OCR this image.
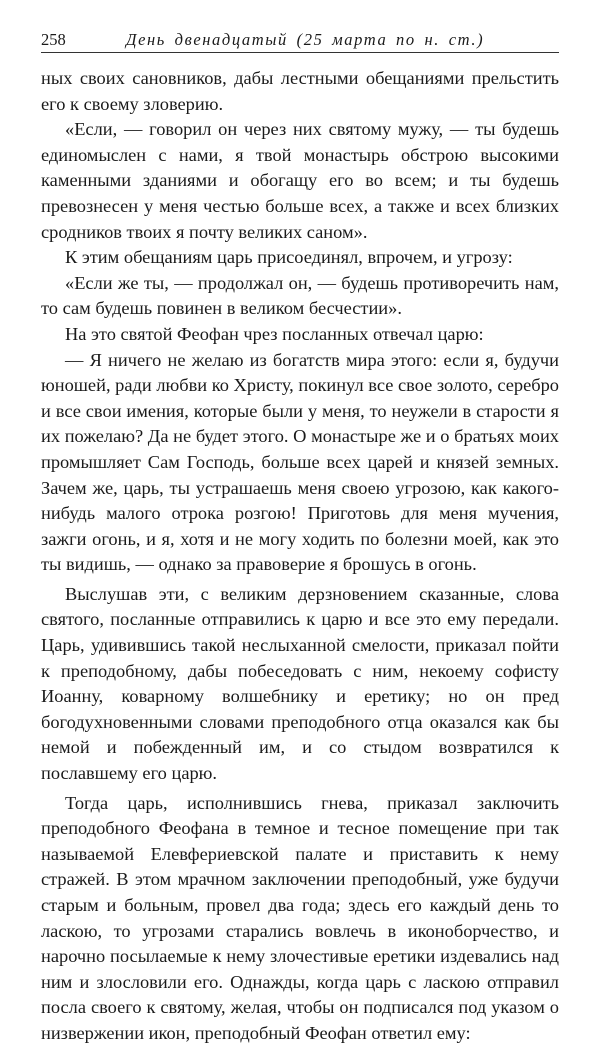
258	День двенадцатый (25 марта по н. ст.)

ных своих сановников, дабы лестными обещаниями прельстить его к своему зловерию.

«Если, — говорил он через них святому мужу, — ты будешь единомыслен с нами, я твой монастырь обстрою высокими каменными зданиями и обогащу его во всем; и ты будешь превознесен у меня честью больше всех, а также и всех близких сродников твоих я почту великих саном».

К этим обещаниям царь присоединял, впрочем, и угрозу:

«Если же ты, — продолжал он, — будешь противоречить нам, то сам будешь повинен в великом бесчестии».

На это святой Феофан чрез посланных отвечал царю:

— Я ничего не желаю из богатств мира этого: если я, будучи юношей, ради любви ко Христу, покинул все свое золото, серебро и все свои имения, которые были у меня, то неужели в старости я их пожелаю? Да не будет этого. О монастыре же и о братьях моих промышляет Сам Господь, больше всех царей и князей земных. Зачем же, царь, ты устрашаешь меня своею угрозою, как какого-нибудь малого отрока розгою! Приготовь для меня мучения, зажги огонь, и я, хотя и не могу ходить по болезни моей, как это ты видишь, — однако за правоверие я брошусь в огонь.

Выслушав эти, с великим дерзновением сказанные, слова святого, посланные отправились к царю и все это ему передали. Царь, удивившись такой неслыханной смелости, приказал пойти к преподобному, дабы побеседовать с ним, некоему софисту Иоанну, коварному волшебнику и еретику; но он пред богодухновенными словами преподобного отца оказался как бы немой и побежденный им, и со стыдом возвратился к пославшему его царю.

Тогда царь, исполнившись гнева, приказал заключить преподобного Феофана в темное и тесное помещение при так называемой Елевфериевской палате и приставить к нему стражей. В этом мрачном заключении преподобный, уже будучи старым и больным, провел два года; здесь его каждый день то ласкою, то угрозами старались вовлечь в иконоборчество, и нарочно посылаемые к нему злочестивые еретики издевались над ним и злословили его. Однажды, когда царь с ласкою отправил посла своего к святому, желая, чтобы он подписался под указом о низвержении икон, преподобный Феофан ответил ему:
